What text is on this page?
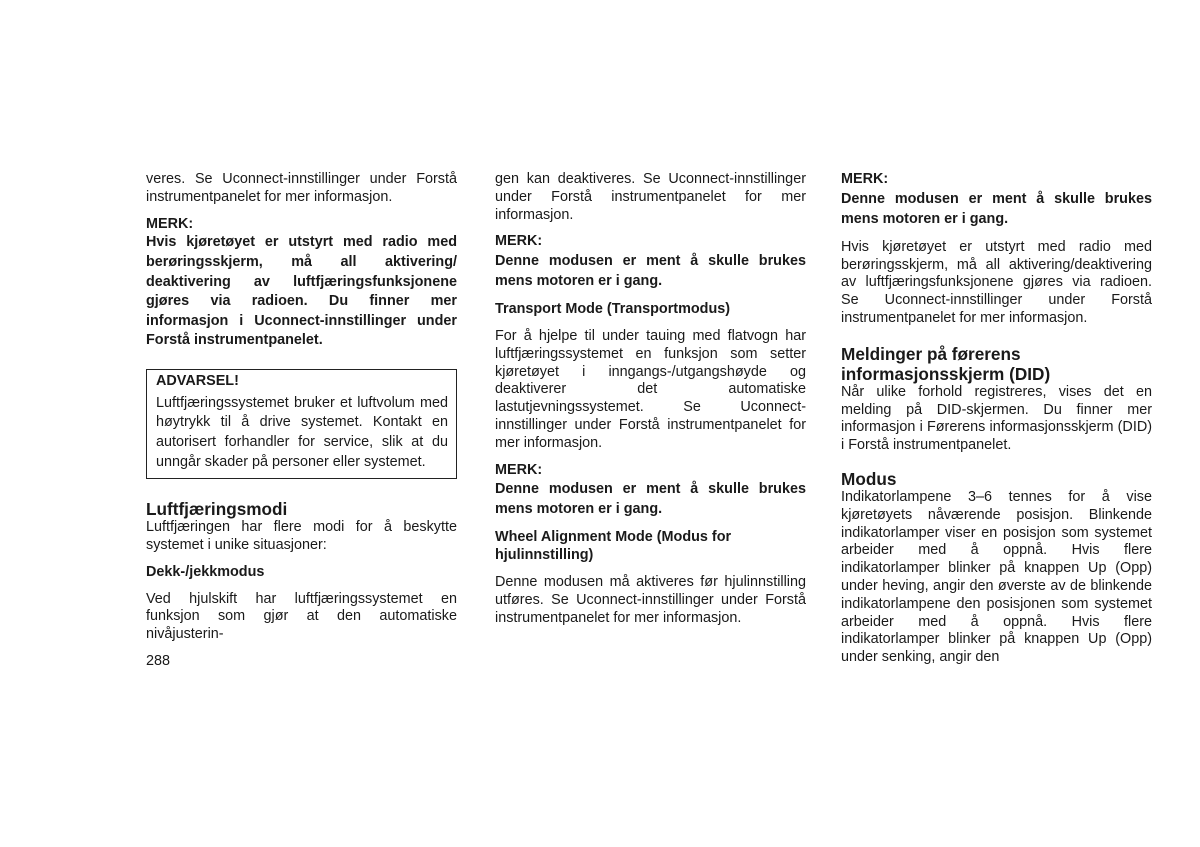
veres. Se Uconnect-innstillinger under Forstå instrumentpanelet for mer informasjon.

MERK:

Hvis kjøretøyet er utstyrt med radio med berøringsskjerm, må all aktivering/ deaktivering av luftfjæringsfunksjonene gjøres via radioen. Du finner mer informasjon i Uconnect-innstillinger under Forstå instrumentpanelet.

ADVARSEL!

Luftfjæringssystemet bruker et luftvolum med høytrykk til å drive systemet. Kontakt en autorisert forhandler for service, slik at du unngår skader på personer eller systemet.

Luftfjæringsmodi

Luftfjæringen har flere modi for å beskytte systemet i unike situasjoner:

Dekk-/jekkmodus

Ved hjulskift har luftfjæringssystemet en funksjon som gjør at den automatiske nivåjusterin-

gen kan deaktiveres. Se Uconnect-innstillinger under Forstå instrumentpanelet for mer informasjon.

MERK:

Denne modusen er ment å skulle brukes mens motoren er i gang.

Transport Mode (Transportmodus)

For å hjelpe til under tauing med flatvogn har luftfjæringssystemet en funksjon som setter kjøretøyet i inngangs-/utgangshøyde og deaktiverer det automatiske lastutjevningssystemet. Se Uconnect-innstillinger under Forstå instrumentpanelet for mer informasjon.

MERK:

Denne modusen er ment å skulle brukes mens motoren er i gang.

Wheel Alignment Mode (Modus for hjulinnstilling)

Denne modusen må aktiveres før hjulinnstilling utføres. Se Uconnect-innstillinger under Forstå instrumentpanelet for mer informasjon.

MERK:

Denne modusen er ment å skulle brukes mens motoren er i gang.

Hvis kjøretøyet er utstyrt med radio med berøringsskjerm, må all aktivering/deaktivering av luftfjæringsfunksjonene gjøres via radioen. Se Uconnect-innstillinger under Forstå instrumentpanelet for mer informasjon.

Meldinger på førerens informasjonsskjerm (DID)

Når ulike forhold registreres, vises det en melding på DID-skjermen. Du finner mer informasjon i Førerens informasjonsskjerm (DID) i Forstå instrumentpanelet.

Modus

Indikatorlampene 3–6 tennes for å vise kjøretøyets nåværende posisjon. Blinkende indikatorlamper viser en posisjon som systemet arbeider med å oppnå. Hvis flere indikatorlamper blinker på knappen Up (Opp) under heving, angir den øverste av de blinkende indikatorlampene den posisjonen som systemet arbeider med å oppnå. Hvis flere indikatorlamper blinker på knappen Up (Opp) under senking, angir den

288
